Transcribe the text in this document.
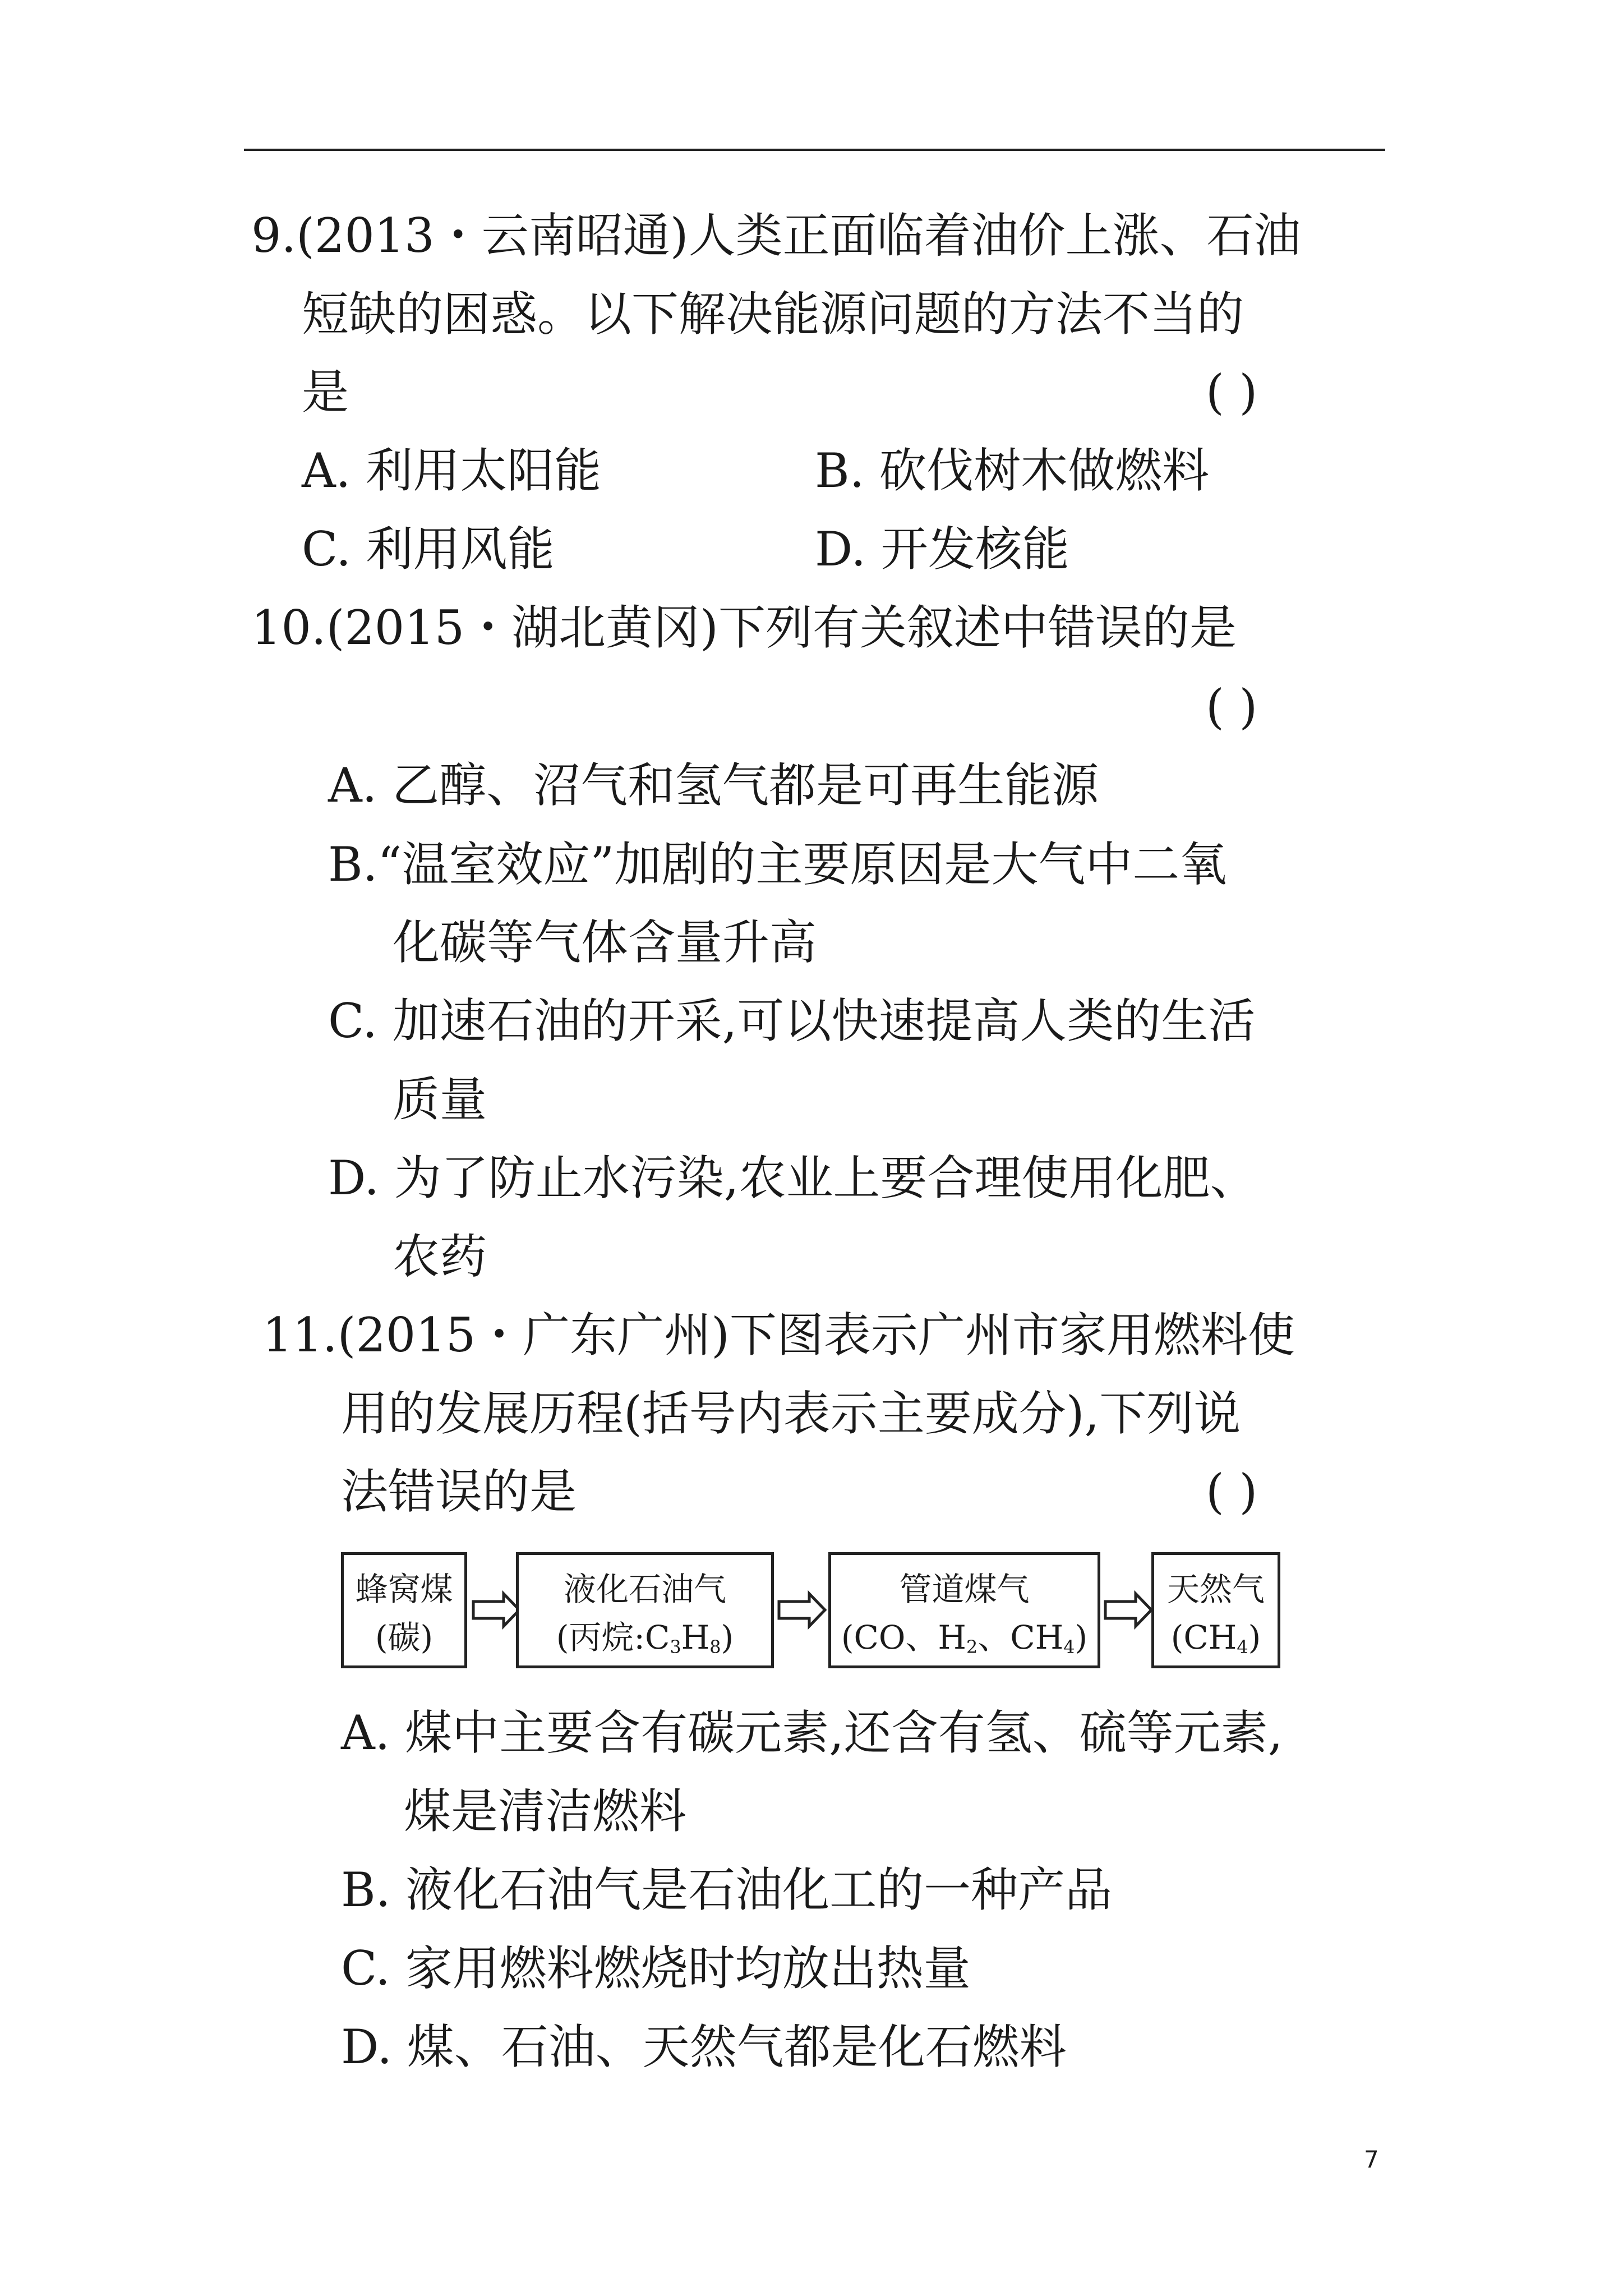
9.(2013・云南昭通)人类正面临着油价上涨、石油
短缺的困惑。以下解决能源问题的方法不当的
是	( )
A. 利用太阳能	B. 砍伐树木做燃料
C. 利用风能	D. 开发核能
10.(2015・湖北黄冈)下列有关叙述中错误的是
( )
A. 乙醇、沼气和氢气都是可再生能源
B.“温室效应”加剧的主要原因是大气中二氧
化碳等气体含量升高
C. 加速石油的开采,可以快速提高人类的生活
质量
D. 为了防止水污染,农业上要合理使用化肥、
农药
11.(2015・广东广州)下图表示广州市家用燃料使
用的发展历程(括号内表示主要成分),下列说
法错误的是	( )
蜂窝煤
(碳)
液化石油气
(丙烷$:C_3H_8$)
管道煤气
(CO、$H_2$、$CH_4$)
天然气
$(CH_4)$
A. 煤中主要含有碳元素,还含有氢、硫等元素,
煤是清洁燃料
B. 液化石油气是石油化工的一种产品
C. 家用燃料燃烧时均放出热量
D. 煤、石油、天然气都是化石燃料
7
